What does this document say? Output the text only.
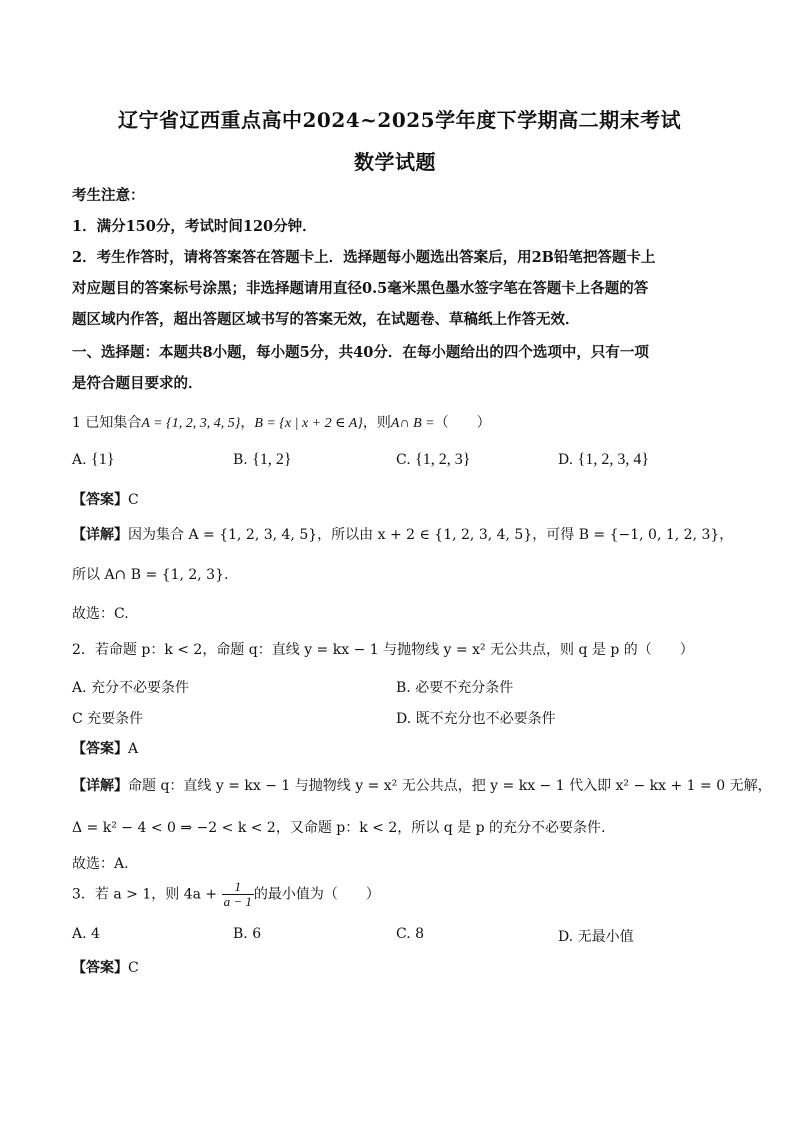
辽宁省辽西重点高中2024~2025学年度下学期高二期末考试
数学试题
考生注意：
1．满分150分，考试时间120分钟．
2．考生作答时，请将答案答在答题卡上．选择题每小题选出答案后，用2B铅笔把答题卡上
对应题目的答案标号涂黑；非选择题请用直径0.5毫米黑色墨水签字笔在答题卡上各题的答
题区域内作答，超出答题区域书写的答案无效，在试题卷、草稿纸上作答无效．
一、选择题：本题共8小题，每小题5分，共40分．在每小题给出的四个选项中，只有一项
是符合题目要求的．
1 已知集合A = {1, 2, 3, 4, 5}，B = {x | x + 2 ∈ A}，则A∩ B =（　　）
A. {1}	B. {1, 2}	C. {1, 2, 3}	D. {1, 2, 3, 4}
【答案】C
【详解】因为集合 A = {1, 2, 3, 4, 5}，所以由 x + 2 ∈ {1, 2, 3, 4, 5}，可得 B = {−1, 0, 1, 2, 3}，
所以 A∩ B = {1, 2, 3}.
故选：C.
2．若命题 p：k < 2，命题 q：直线 y = kx − 1 与抛物线 y = x² 无公共点，则 q 是 p 的（　　）
A. 充分不必要条件	B. 必要不充分条件
C 充要条件	D. 既不充分也不必要条件
【答案】A
【详解】命题 q：直线 y = kx − 1 与抛物线 y = x² 无公共点，把 y = kx − 1 代入即 x² − kx + 1 = 0 无解，
Δ = k² − 4 < 0 ⇒ −2 < k < 2，又命题 p：k < 2，所以 q 是 p 的充分不必要条件.
故选：A.
3．若 a > 1，则 $4a + \frac{1}{a - 1}$ 的最小值为（　　）
A. 4	B. 6	C. 8	D. 无最小值
【答案】C
